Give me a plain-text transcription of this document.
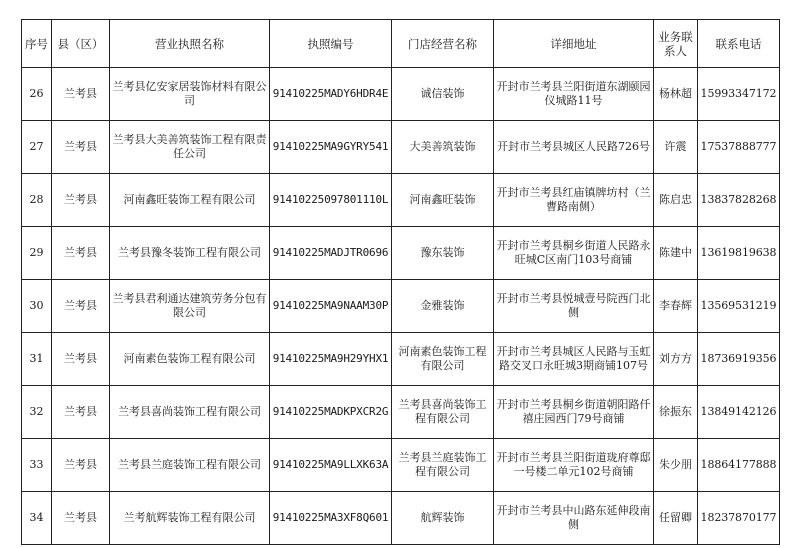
序号	县（区）	营业执照名称	执照编号	门店经营名称	详细地址	业务联系人	联系电话
26	兰考县	兰考县亿安家居装饰材料有限公司	91410225MADY6HDR4E	诚信装饰	开封市兰考县兰阳街道东湖颐园仪城路11号	杨林超	15993347172
27	兰考县	兰考县大美善筑装饰工程有限责任公司	91410225MA9GYRY541	大美善筑装饰	开封市兰考县城区人民路726号	许震	17537888777
28	兰考县	河南鑫旺装饰工程有限公司	91410225097801110L	河南鑫旺装饰	开封市兰考县红庙镇牌坊村（兰曹路南侧）	陈启忠	13837828268
29	兰考县	兰考县豫冬装饰工程有限公司	91410225MADJTR0696	豫东装饰	开封市兰考县桐乡街道人民路永旺城C区南门103号商铺	陈建中	13619819638
30	兰考县	兰考县君利通达建筑劳务分包有限公司	91410225MA9NAAM30P	金雅装饰	开封市兰考县悦城壹号院西门北侧	李春辉	13569531219
31	兰考县	河南素色装饰工程有限公司	91410225MA9H29YHX1	河南素色装饰工程有限公司	开封市兰考县城区人民路与玉虹路交叉口永旺城3期商铺107号	刘方方	18736919356
32	兰考县	兰考县喜尚装饰工程有限公司	91410225MADKPXCR2G	兰考县喜尚装饰工程有限公司	开封市兰考县桐乡街道朝阳路仟禧庄园西门79号商铺	徐振东	13849142126
33	兰考县	兰考县兰庭装饰工程有限公司	91410225MA9LLXK63A	兰考县兰庭装饰工程有限公司	开封市兰考县兰阳街道珑府尊邸一号楼二单元102号商铺	朱少朋	18864177888
34	兰考县	兰考航辉装饰工程有限公司	91410225MA3XF8Q601	航辉装饰	开封市兰考县中山路东延伸段南侧	任留卿	18237870177
